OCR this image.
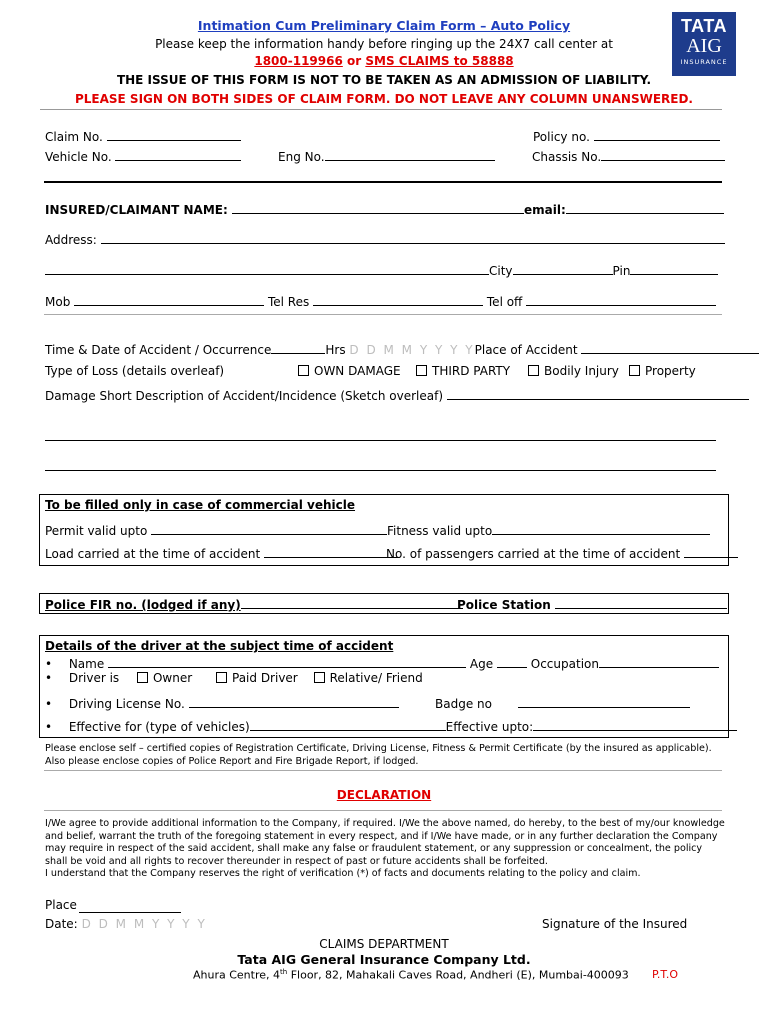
TATA
AIG
INSURANCE
Intimation Cum Preliminary Claim Form – Auto Policy
Please keep the information handy before ringing up the 24X7 call center at
1800-119966 or SMS CLAIMS to 58888
THE ISSUE OF THIS FORM IS NOT TO BE TAKEN AS AN ADMISSION OF LIABILITY.
PLEASE SIGN ON BOTH SIDES OF CLAIM FORM. DO NOT LEAVE ANY COLUMN UNANSWERED.
Claim No.	Policy no.
Vehicle No.	Eng No.	Chassis No.
INSURED/CLAIMANT NAME:	email:
Address:
City	Pin
Mob	Tel Res	Tel off
Time & Date of Accident / Occurrence	Hrs D D M M Y Y Y YPlace of Accident
Type of Loss (details overleaf)	OWN DAMAGE	THIRD PARTY	Bodily Injury	Property
Damage Short Description of Accident/Incidence (Sketch overleaf)
To be filled only in case of commercial vehicle
Permit valid upto	Fitness valid upto
Load carried at the time of accident	No. of passengers carried at the time of accident
Police FIR no. (lodged if any)	Police Station
Details of the driver at the subject time of accident
• Name	Age	Occupation
• Driver is	Owner	Paid Driver	Relative/ Friend
• Driving License No.	Badge no
• Effective for (type of vehicles)	Effective upto:
Please enclose self – certified copies of Registration Certificate, Driving License, Fitness & Permit Certificate (by the insured as applicable). Also please enclose copies of Police Report and Fire Brigade Report, if lodged.
DECLARATION
I/We agree to provide additional information to the Company, if required. I/We the above named, do hereby, to the best of my/our knowledge and belief, warrant the truth of the foregoing statement in every respect, and if I/We have made, or in any further declaration the Company may require in respect of the said accident, shall make any false or fraudulent statement, or any suppression or concealment, the policy shall be void and all rights to recover thereunder in respect of past or future accidents shall be forfeited.
I understand that the Company reserves the right of verification (*) of facts and documents relating to the policy and claim.
Place
Date: D D M M Y Y Y Y	Signature of the Insured
CLAIMS DEPARTMENT
Tata AIG General Insurance Company Ltd.
Ahura Centre, 4th Floor, 82, Mahakali Caves Road, Andheri (E), Mumbai-400093 P.T.O
